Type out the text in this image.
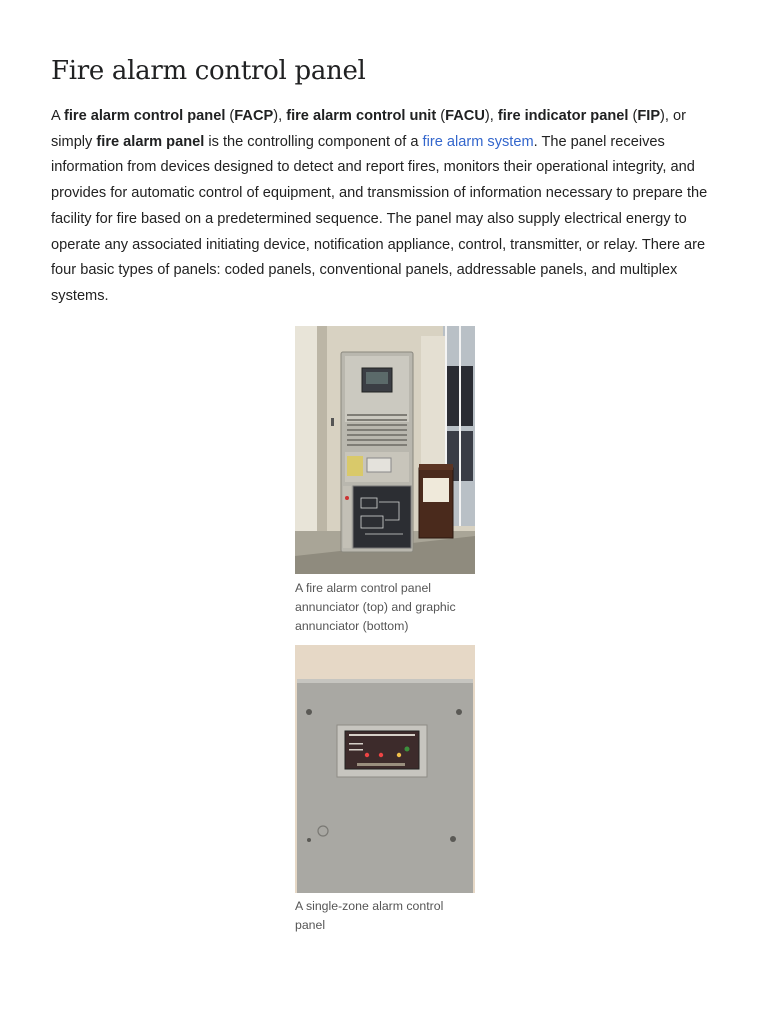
Fire alarm control panel

A fire alarm control panel (FACP), fire alarm control unit (FACU), fire indicator panel (FIP), or simply fire alarm panel is the controlling component of a fire alarm system. The panel receives information from devices designed to detect and report fires, monitors their operational integrity, and provides for automatic control of equipment, and transmission of information necessary to prepare the facility for fire based on a predetermined sequence. The panel may also supply electrical energy to operate any associated initiating device, notification appliance, control, transmitter, or relay. There are four basic types of panels: coded panels, conventional panels, addressable panels, and multiplex systems.

A fire alarm control panel annunciator (top) and graphic annunciator (bottom)
A single-zone alarm control panel
